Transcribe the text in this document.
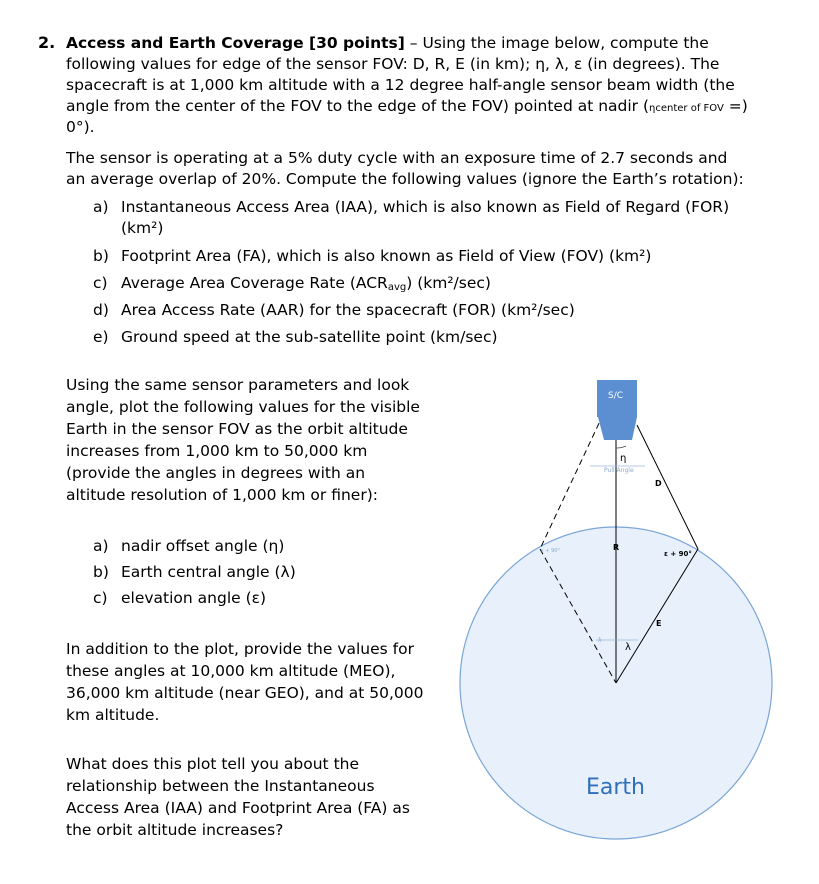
2. Access and Earth Coverage [30 points] – Using the image below, compute the
following values for edge of the sensor FOV: D, R, E (in km); η, λ, ε (in degrees). The
spacecraft is at 1,000 km altitude with a 12 degree half-angle sensor beam width (the
angle from the center of the FOV to the edge of the FOV) pointed at nadir (ηcenter of FOV =)
0°).
The sensor is operating at a 5% duty cycle with an exposure time of 2.7 seconds and
an average overlap of 20%. Compute the following values (ignore the Earth’s rotation):
a) Instantaneous Access Area (IAA), which is also known as Field of Regard (FOR)
(km²)
b) Footprint Area (FA), which is also known as Field of View (FOV) (km²)
c) Average Area Coverage Rate $(ACR_{avg})$ (km²/sec)
d) Area Access Rate (AAR) for the spacecraft (FOR) (km²/sec)
e) Ground speed at the sub-satellite point (km/sec)
Using the same sensor parameters and look
angle, plot the following values for the visible
Earth in the sensor FOV as the orbit altitude
increases from 1,000 km to 50,000 km
(provide the angles in degrees with an
altitude resolution of 1,000 km or finer):
a) nadir offset angle (η)
b) Earth central angle (λ)
c) elevation angle (ε)
In addition to the plot, provide the values for
these angles at 10,000 km altitude (MEO),
36,000 km altitude (near GEO), and at 50,000
km altitude.
What does this plot tell you about the
relationship between the Instantaneous
Access Area (IAA) and Footprint Area (FA) as
the orbit altitude increases?
S/C
η
Pull Angle
D
R
ε + 90°
ε + 90°
E
λ
λ
Earth
